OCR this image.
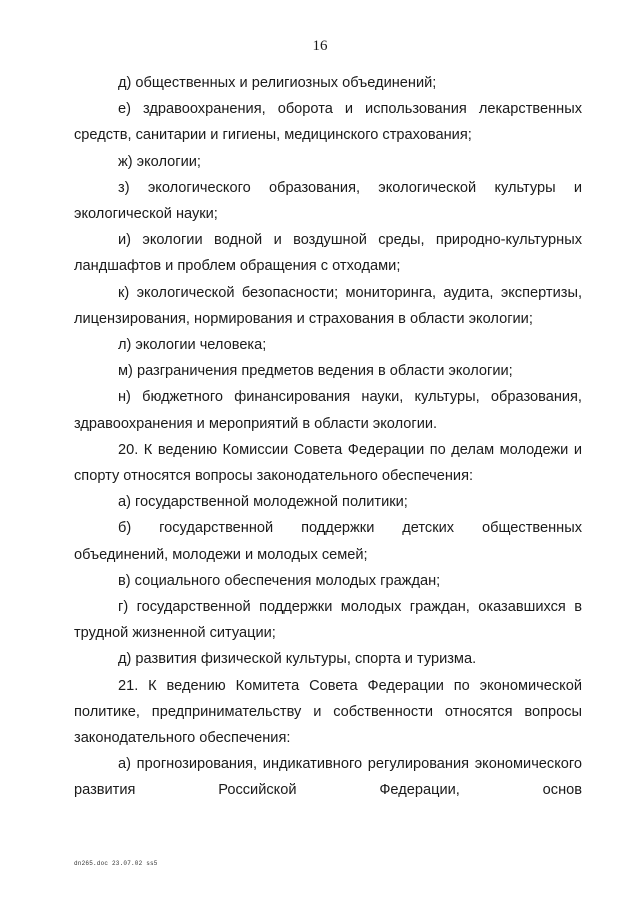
16

д) общественных и религиозных объединений;

е) здравоохранения, оборота и использования лекарственных средств, санитарии и гигиены, медицинского страхования;

ж) экологии;

з) экологического образования, экологической культуры и экологической науки;

и) экологии водной и воздушной среды, природно-культурных ландшафтов и проблем обращения с отходами;

к) экологической безопасности; мониторинга, аудита, экспертизы, лицензирования, нормирования и страхования в области экологии;

л) экологии человека;

м) разграничения предметов ведения в области экологии;

н) бюджетного финансирования науки, культуры, образования, здравоохранения и мероприятий в области экологии.

20. К ведению Комиссии Совета Федерации по делам молодежи и спорту относятся вопросы законодательного обеспечения:

а) государственной молодежной политики;

б) государственной поддержки детских общественных объединений, молодежи и молодых семей;

в) социального обеспечения молодых граждан;

г) государственной поддержки молодых граждан, оказавшихся в трудной жизненной ситуации;

д) развития физической культуры, спорта и туризма.

21. К ведению Комитета Совета Федерации по экономической политике, предпринимательству и собственности относятся вопросы законодательного обеспечения:

а) прогнозирования, индикативного регулирования экономического развития Российской Федерации, основ

dn265.doc 23.07.02 ss5
